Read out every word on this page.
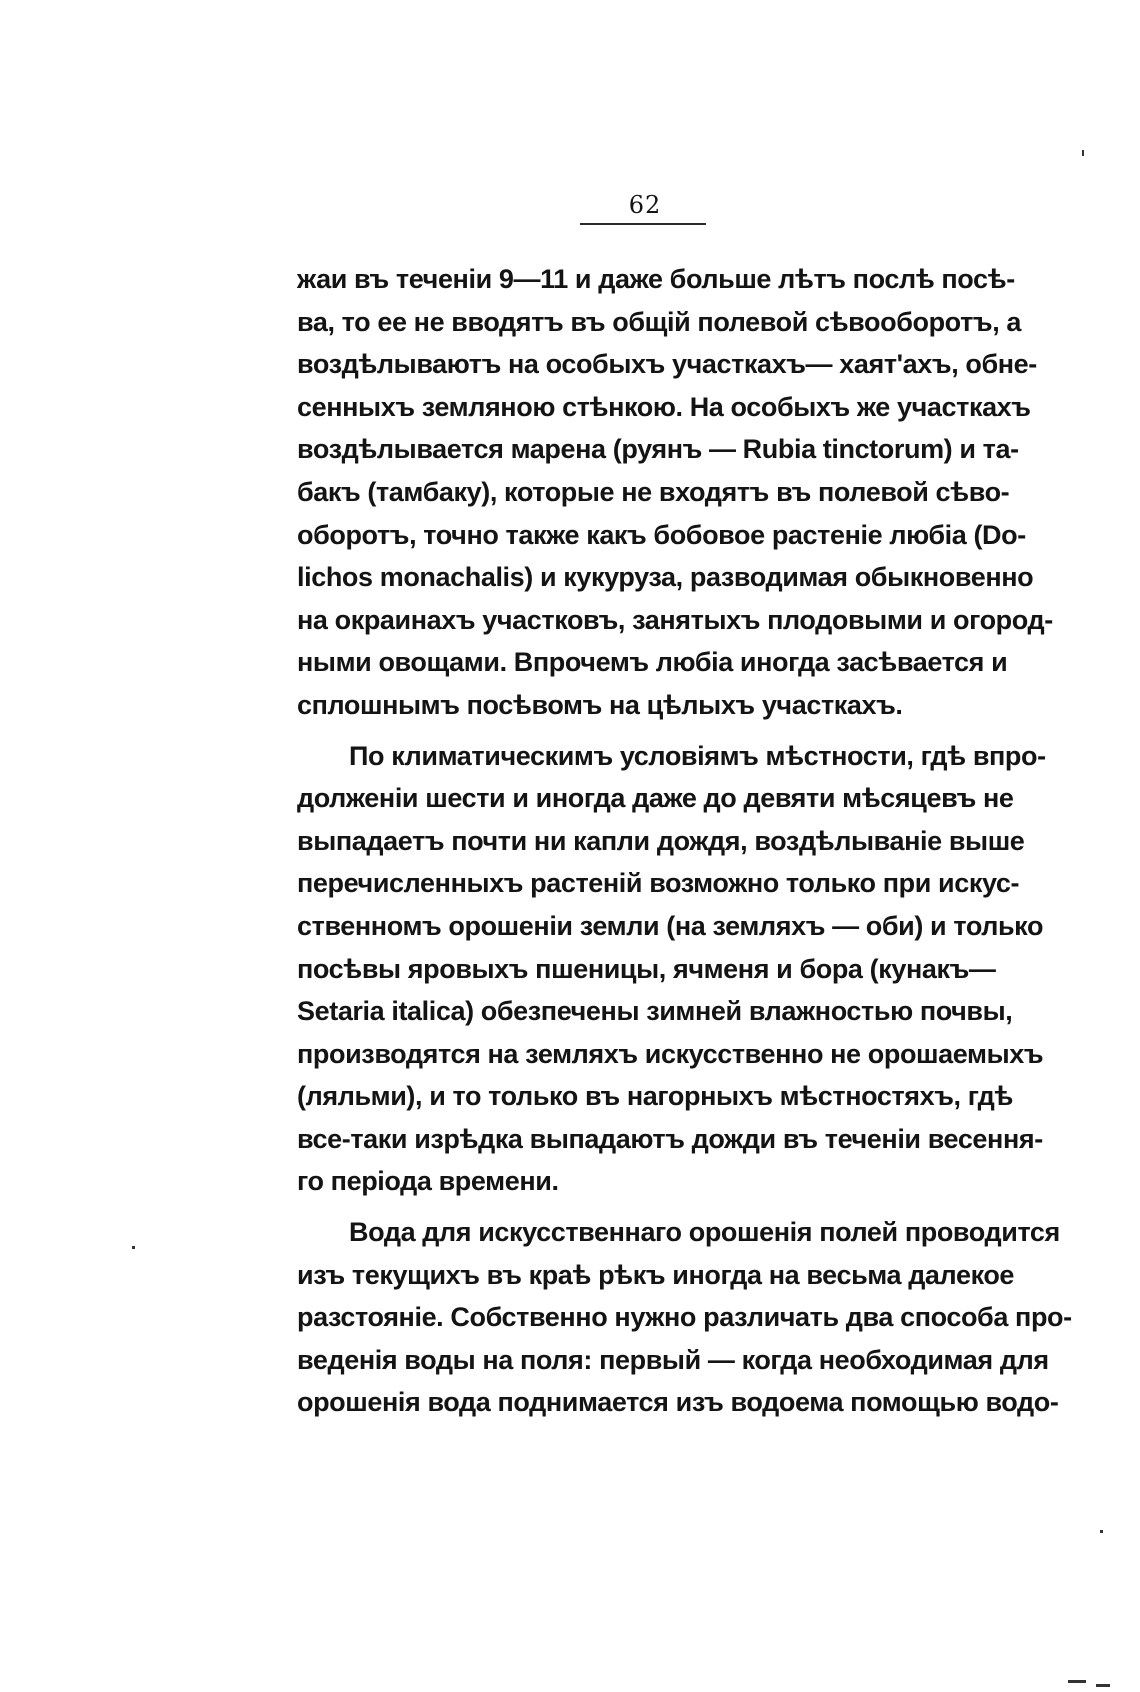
62
жаи въ теченіи 9—11 и даже больше лѣтъ послѣ посѣ-
ва, то ее не вводятъ въ общій полевой сѣвооборотъ, а
воздѣлываютъ на особыхъ участкахъ— хаят'ахъ, обне-
сенныхъ земляною стѣнкою. На особыхъ же участкахъ
воздѣлывается марена (руянъ — Rubia tinctorum) и та-
бакъ (тамбаку), которые не входятъ въ полевой сѣво-
оборотъ, точно также какъ бобовое растеніе любіа (Do-
lichos monachalis) и кукуруза, разводимая обыкновенно
на окраинахъ участковъ, занятыхъ плодовыми и огород-
ными овощами. Впрочемъ любіа иногда засѣвается и
сплошнымъ посѣвомъ на цѣлыхъ участкахъ.
По климатическимъ условіямъ мѣстности, гдѣ впро-
долженіи шести и иногда даже до девяти мѣсяцевъ не
выпадаетъ почти ни капли дождя, воздѣлываніе выше
перечисленныхъ растеній возможно только при искус-
ственномъ орошеніи земли (на земляхъ — оби) и только
посѣвы яровыхъ пшеницы, ячменя и бора (кунакъ—
Setaria italica) обезпечены зимней влажностью почвы,
производятся на земляхъ искусственно не орошаемыхъ
(ляльми), и то только въ нагорныхъ мѣстностяхъ, гдѣ
все-таки изрѣдка выпадаютъ дожди въ теченіи весення-
го періода времени.
Вода для искусственнаго орошенія полей проводится
изъ текущихъ въ краѣ рѣкъ иногда на весьма далекое
разстояніе. Собственно нужно различать два способа про-
веденія воды на поля: первый — когда необходимая для
орошенія вода поднимается изъ водоема помощью водо-
